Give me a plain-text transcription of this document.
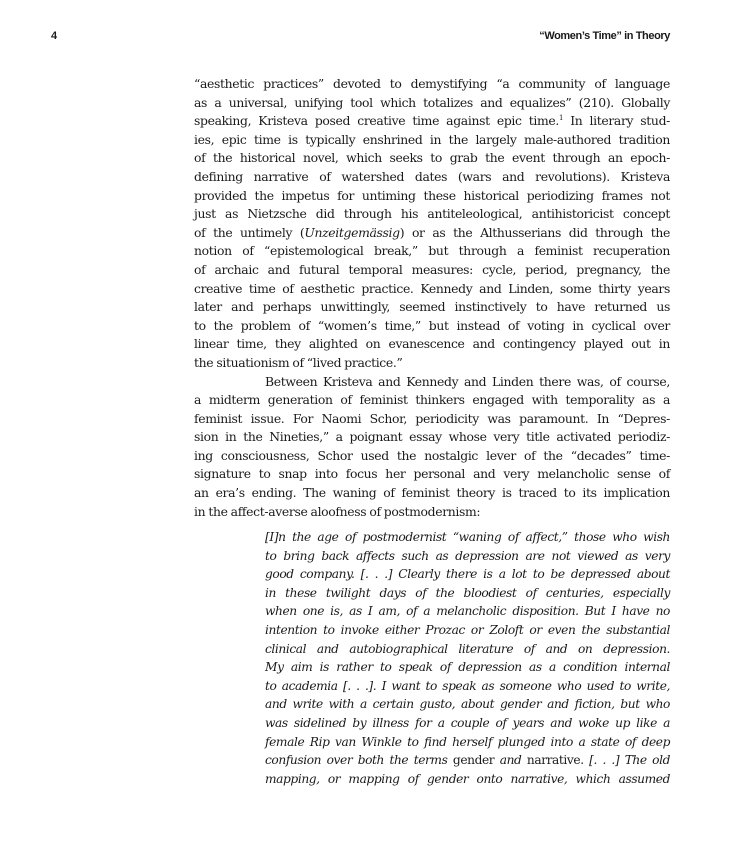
4	“Women’s Time” in Theory
“aesthetic practices” devoted to demystifying “a community of language
as a universal, unifying tool which totalizes and equalizes” (210). Globally
speaking, Kristeva posed creative time against epic time.$^1$ In literary stud-
ies, epic time is typically enshrined in the largely male-authored tradition
of the historical novel, which seeks to grab the event through an epoch-
defining narrative of watershed dates (wars and revolutions). Kristeva
provided the impetus for untiming these historical periodizing frames not
just as Nietzsche did through his antiteleological, antihistoricist concept
of the untimely (Unzeitgemässig) or as the Althusserians did through the
notion of “epistemological break,” but through a feminist recuperation
of archaic and futural temporal measures: cycle, period, pregnancy, the
creative time of aesthetic practice. Kennedy and Linden, some thirty years
later and perhaps unwittingly, seemed instinctively to have returned us
to the problem of “women’s time,” but instead of voting in cyclical over
linear time, they alighted on evanescence and contingency played out in
the situationism of “lived practice.”
Between Kristeva and Kennedy and Linden there was, of course,
a midterm generation of feminist thinkers engaged with temporality as a
feminist issue. For Naomi Schor, periodicity was paramount. In “Depres-
sion in the Nineties,” a poignant essay whose very title activated periodiz-
ing consciousness, Schor used the nostalgic lever of the “decades” time-
signature to snap into focus her personal and very melancholic sense of
an era’s ending. The waning of feminist theory is traced to its implication
in the affect-averse aloofness of postmodernism:
[I]n the age of postmodernist “waning of affect,” those who wish
to bring back affects such as depression are not viewed as very
good company. [. . .] Clearly there is a lot to be depressed about
in these twilight days of the bloodiest of centuries, especially
when one is, as I am, of a melancholic disposition. But I have no
intention to invoke either Prozac or Zoloft or even the substantial
clinical and autobiographical literature of and on depression.
My aim is rather to speak of depression as a condition internal
to academia [. . .]. I want to speak as someone who used to write,
and write with a certain gusto, about gender and fiction, but who
was sidelined by illness for a couple of years and woke up like a
female Rip van Winkle to find herself plunged into a state of deep
confusion over both the terms gender and narrative. [. . .] The old
mapping, or mapping of gender onto narrative, which assumed
